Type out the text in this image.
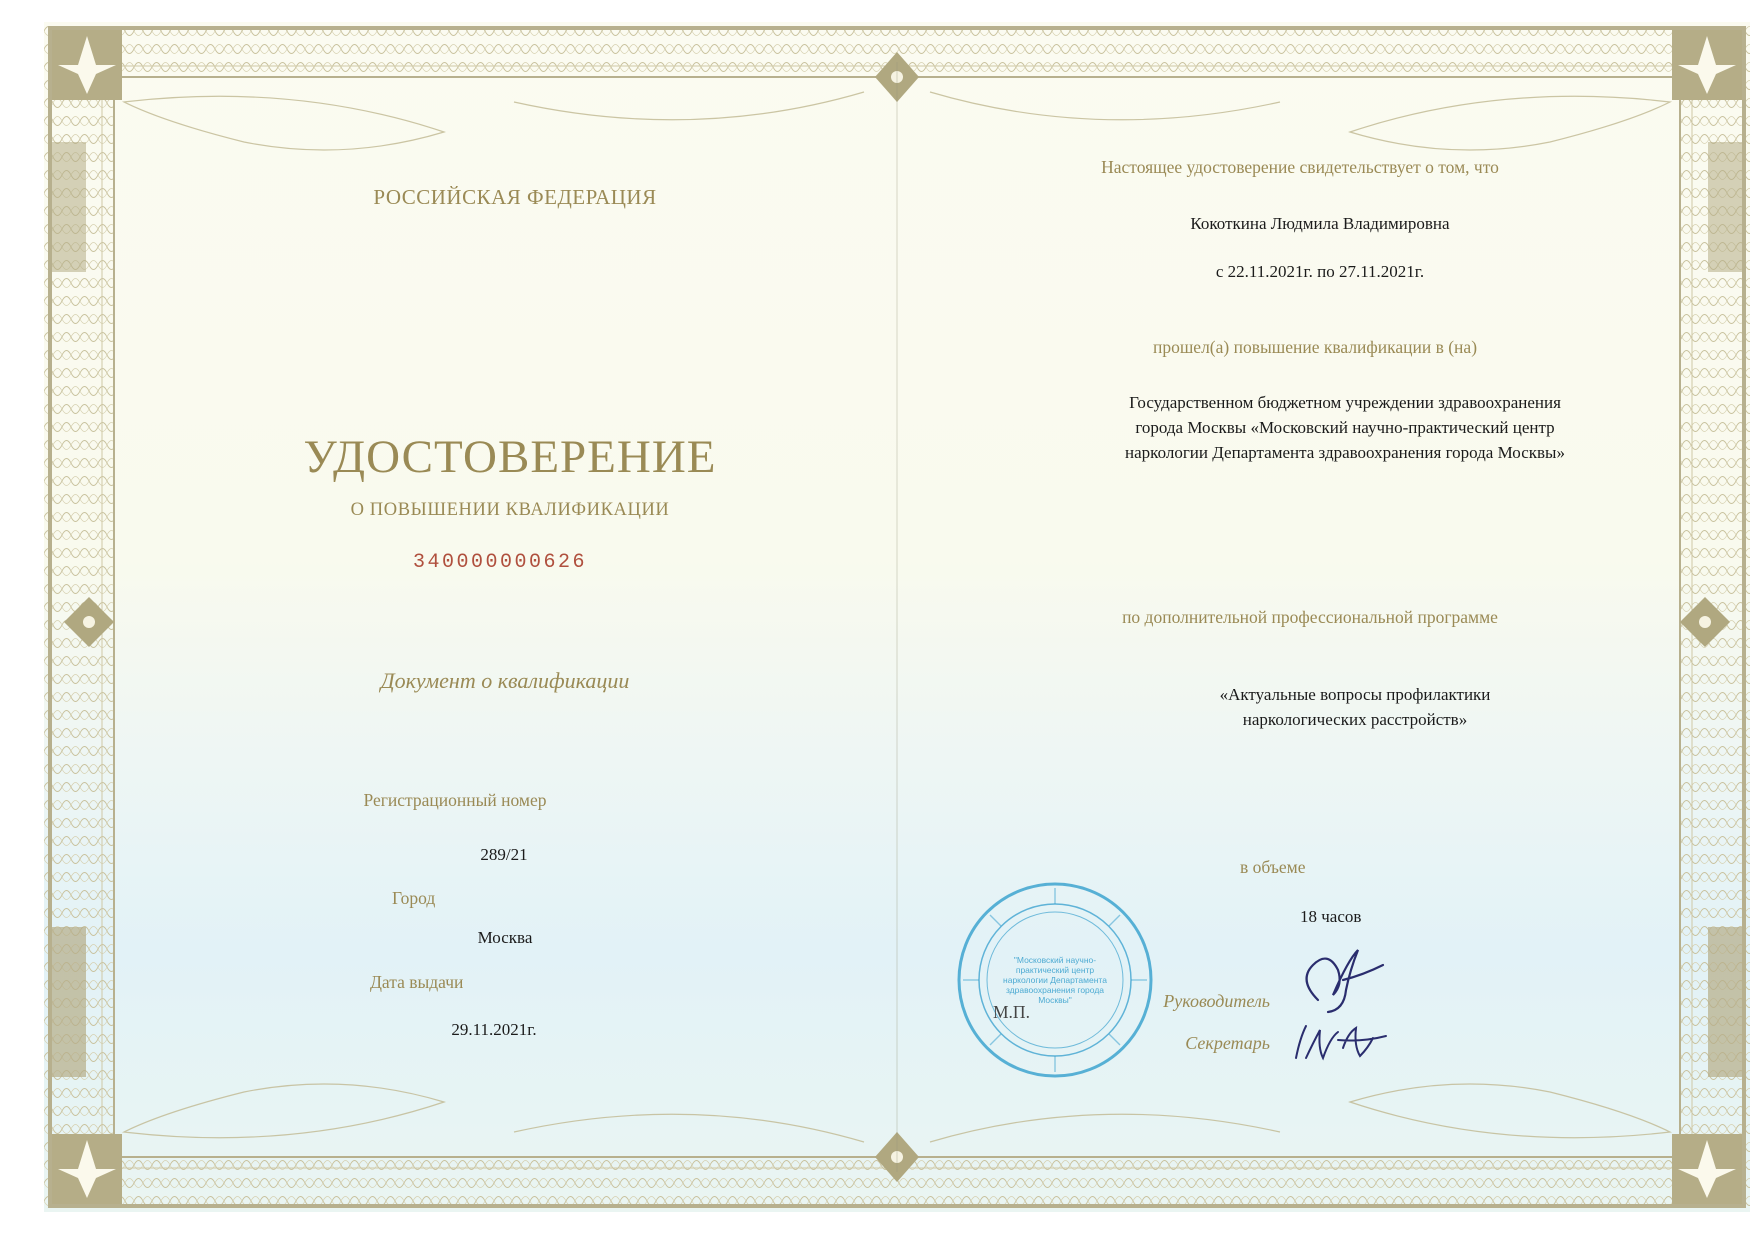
РОССИЙСКАЯ ФЕДЕРАЦИЯ
УДОСТОВЕРЕНИЕ
О ПОВЫШЕНИИ КВАЛИФИКАЦИИ
340000000626
Документ о квалификации
Регистрационный номер
289/21
Город
Москва
Дата выдачи
29.11.2021г.
Настоящее удостоверение свидетельствует о том, что
Кокоткина Людмила Владимировна
с 22.11.2021г. по 27.11.2021г.
прошел(а) повышение квалификации в (на)
Государственном бюджетном учреждении здравоохранения города Москвы «Московский научно-практический центр наркологии Департамента здравоохранения города Москвы»
по дополнительной профессиональной программе
«Актуальные вопросы профилактики наркологических расстройств»
в объеме
18 часов
"Московский научно-практический центр наркологии Департамента здравоохранения города Москвы"
М.П.
Руководитель
Секретарь
